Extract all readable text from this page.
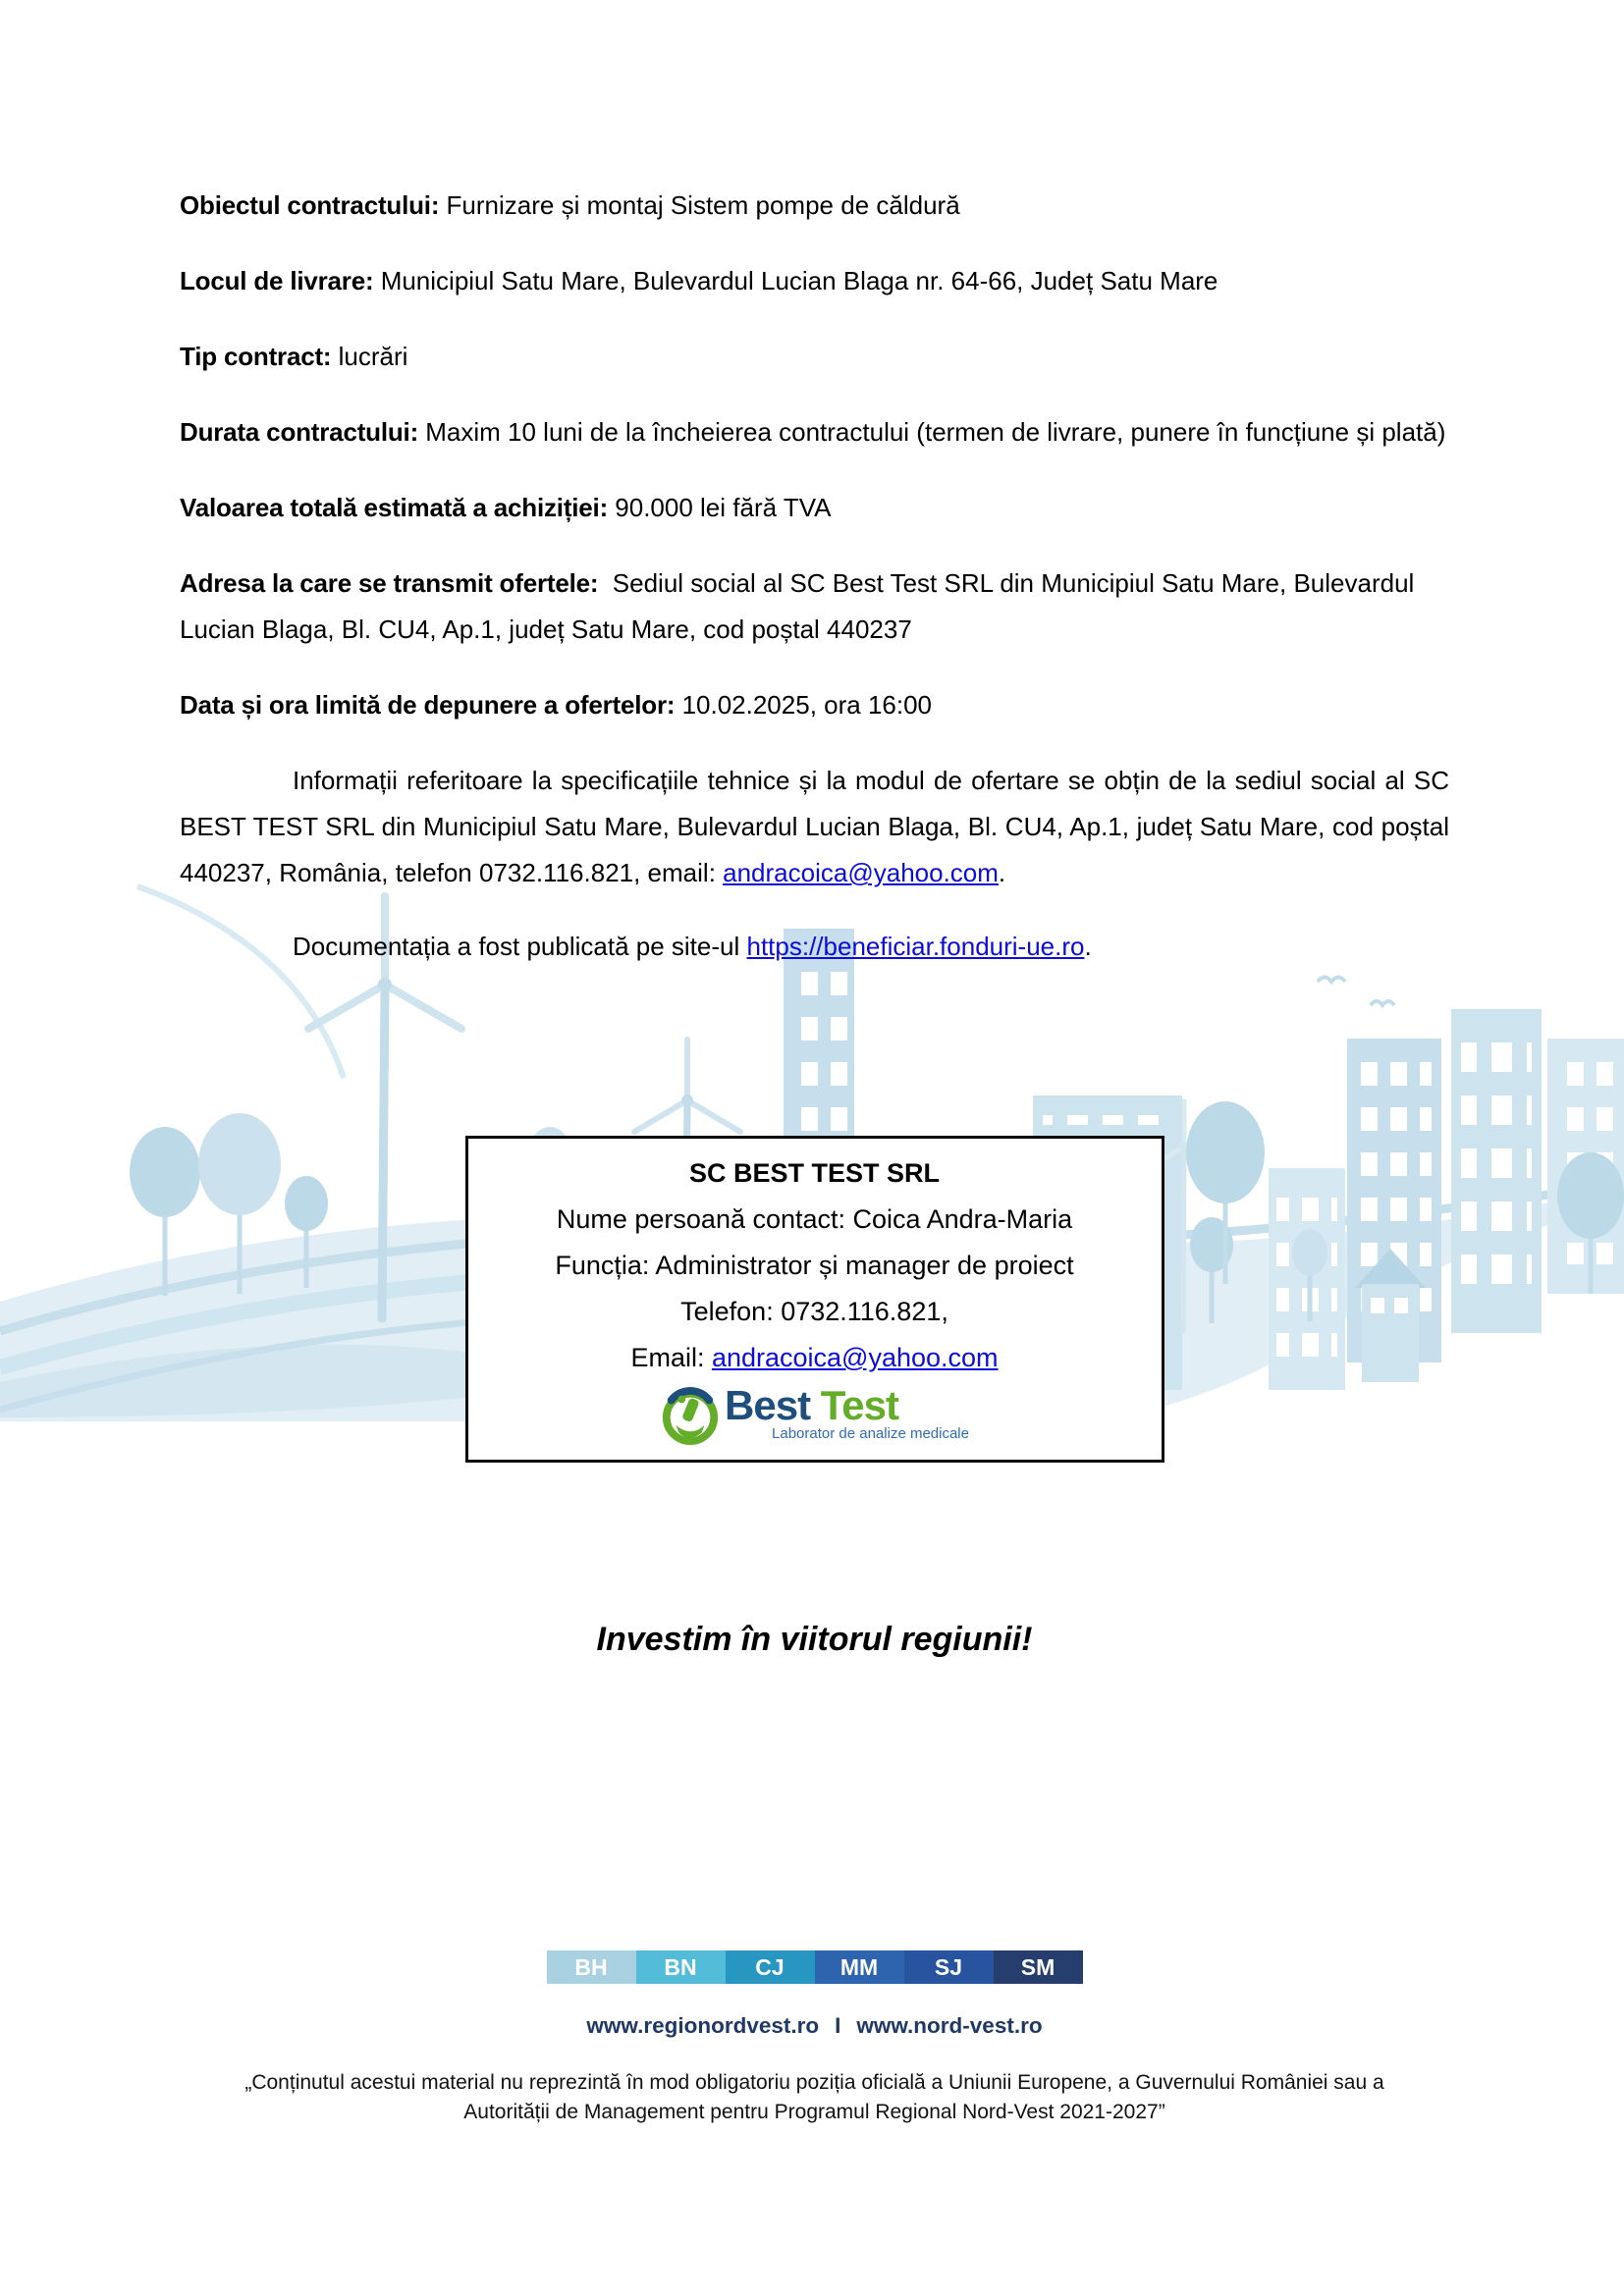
Obiectul contractului: Furnizare și montaj Sistem pompe de căldură

Locul de livrare: Municipiul Satu Mare, Bulevardul Lucian Blaga nr. 64-66, Județ Satu Mare

Tip contract: lucrări

Durata contractului: Maxim 10 luni de la încheierea contractului (termen de livrare, punere în funcțiune și plată)

Valoarea totală estimată a achiziției: 90.000 lei fără TVA

Adresa la care se transmit ofertele: Sediul social al SC Best Test SRL din Municipiul Satu Mare, Bulevardul Lucian Blaga, Bl. CU4, Ap.1, județ Satu Mare, cod poștal 440237

Data și ora limită de depunere a ofertelor: 10.02.2025, ora 16:00

Informații referitoare la specificațiile tehnice și la modul de ofertare se obțin de la sediul social al SC BEST TEST SRL din Municipiul Satu Mare, Bulevardul Lucian Blaga, Bl. CU4, Ap.1, județ Satu Mare, cod poștal 440237, România, telefon 0732.116.821, email: andracoica@yahoo.com.

Documentația a fost publicată pe site-ul https://beneficiar.fonduri-ue.ro.

SC BEST TEST SRL

Nume persoană contact: Coica Andra-Maria

Funcția: Administrator și manager de proiect

Telefon: 0732.116.821,

Email: andracoica@yahoo.com

Best Test
Laborator de analize medicale

Investim în viitorul regiunii!

BH	BN	CJ	MM	SJ	SM

www.regionordvest.ro I www.nord-vest.ro

„Conținutul acestui material nu reprezintă în mod obligatoriu poziția oficială a Uniunii Europene, a Guvernului României sau a Autorității de Management pentru Programul Regional Nord-Vest 2021-2027”
